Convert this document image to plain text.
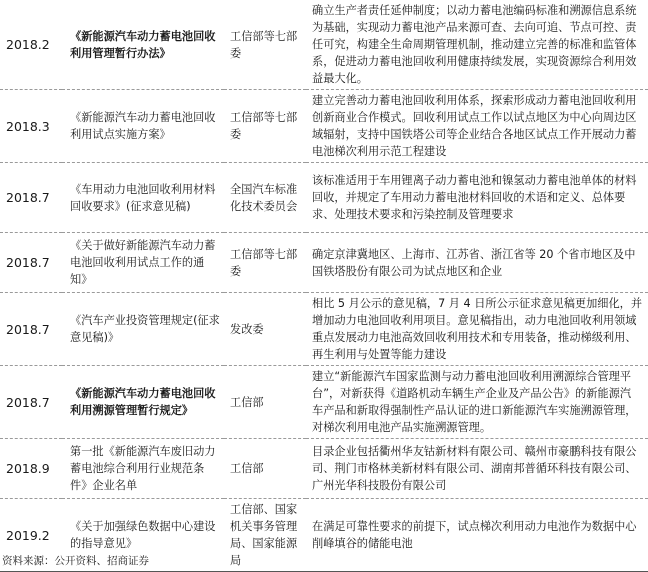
2018.2	《新能源汽车动力蓄电池回收利用管理暂行办法》	工信部等七部委	确立生产者责任延伸制度；以动力蓄电池编码标准和溯源信息系统为基础，实现动力蓄电池产品来源可查、去向可追、节点可控、责任可究，构建全生命周期管理机制，推动建立完善的标准和监管体系，促进动力蓄电池回收利用健康持续发展，实现资源综合利用效益最大化。
2018.3	《新能源汽车动力蓄电池回收利用试点实施方案》	工信部等七部委	建立完善动力蓄电池回收利用体系，探索形成动力蓄电池回收利用创新商业合作模式。回收利用试点工作以试点地区为中心向周边区域辐射，支持中国铁塔公司等企业结合各地区试点工作开展动力蓄电池梯次利用示范工程建设
2018.7	《车用动力电池回收利用材料回收要求》(征求意见稿)	全国汽车标准化技术委员会	该标准适用于车用锂离子动力蓄电池和镍氢动力蓄电池单体的材料回收，并规定了车用动力蓄电池材料回收的术语和定义、总体要求、处理技术要求和污染控制及管理要求
2018.7	《关于做好新能源汽车动力蓄电池回收利用试点工作的通知》	工信部等七部委	确定京津冀地区、上海市、江苏省、浙江省等 20 个省市地区及中国铁塔股份有限公司为试点地区和企业
2018.7	《汽车产业投资管理规定(征求意见稿)》	发改委	相比 5 月公示的意见稿，7 月 4 日所公示征求意见稿更加细化，并增加动力电池回收利用项目。意见稿指出，动力电池回收利用领域重点发展动力电池高效回收利用技术和专用装备，推动梯级利用、再生利用与处置等能力建设
2018.7	《新能源汽车动力蓄电池回收利用溯源管理暂行规定》	工信部	建立“新能源汽车国家监测与动力蓄电池回收利用溯源综合管理平台”，对新获得《道路机动车辆生产企业及产品公告》的新能源汽车产品和新取得强制性产品认证的进口新能源汽车实施溯源管理，对梯次利用电池产品实施溯源管理。
2018.9	第一批《新能源汽车废旧动力蓄电池综合利用行业规范条件》企业名单	工信部	目录企业包括衢州华友钴新材料有限公司、赣州市豪鹏科技有限公司、荆门市格林美新材料有限公司、湖南邦普循环科技有限公司、广州光华科技股份有限公司
2019.2	《关于加强绿色数据中心建设的指导意见》	工信部、国家机关事务管理局、国家能源局	在满足可靠性要求的前提下，试点梯次利用动力电池作为数据中心削峰填谷的储能电池
资料来源：公开资料、招商证券
